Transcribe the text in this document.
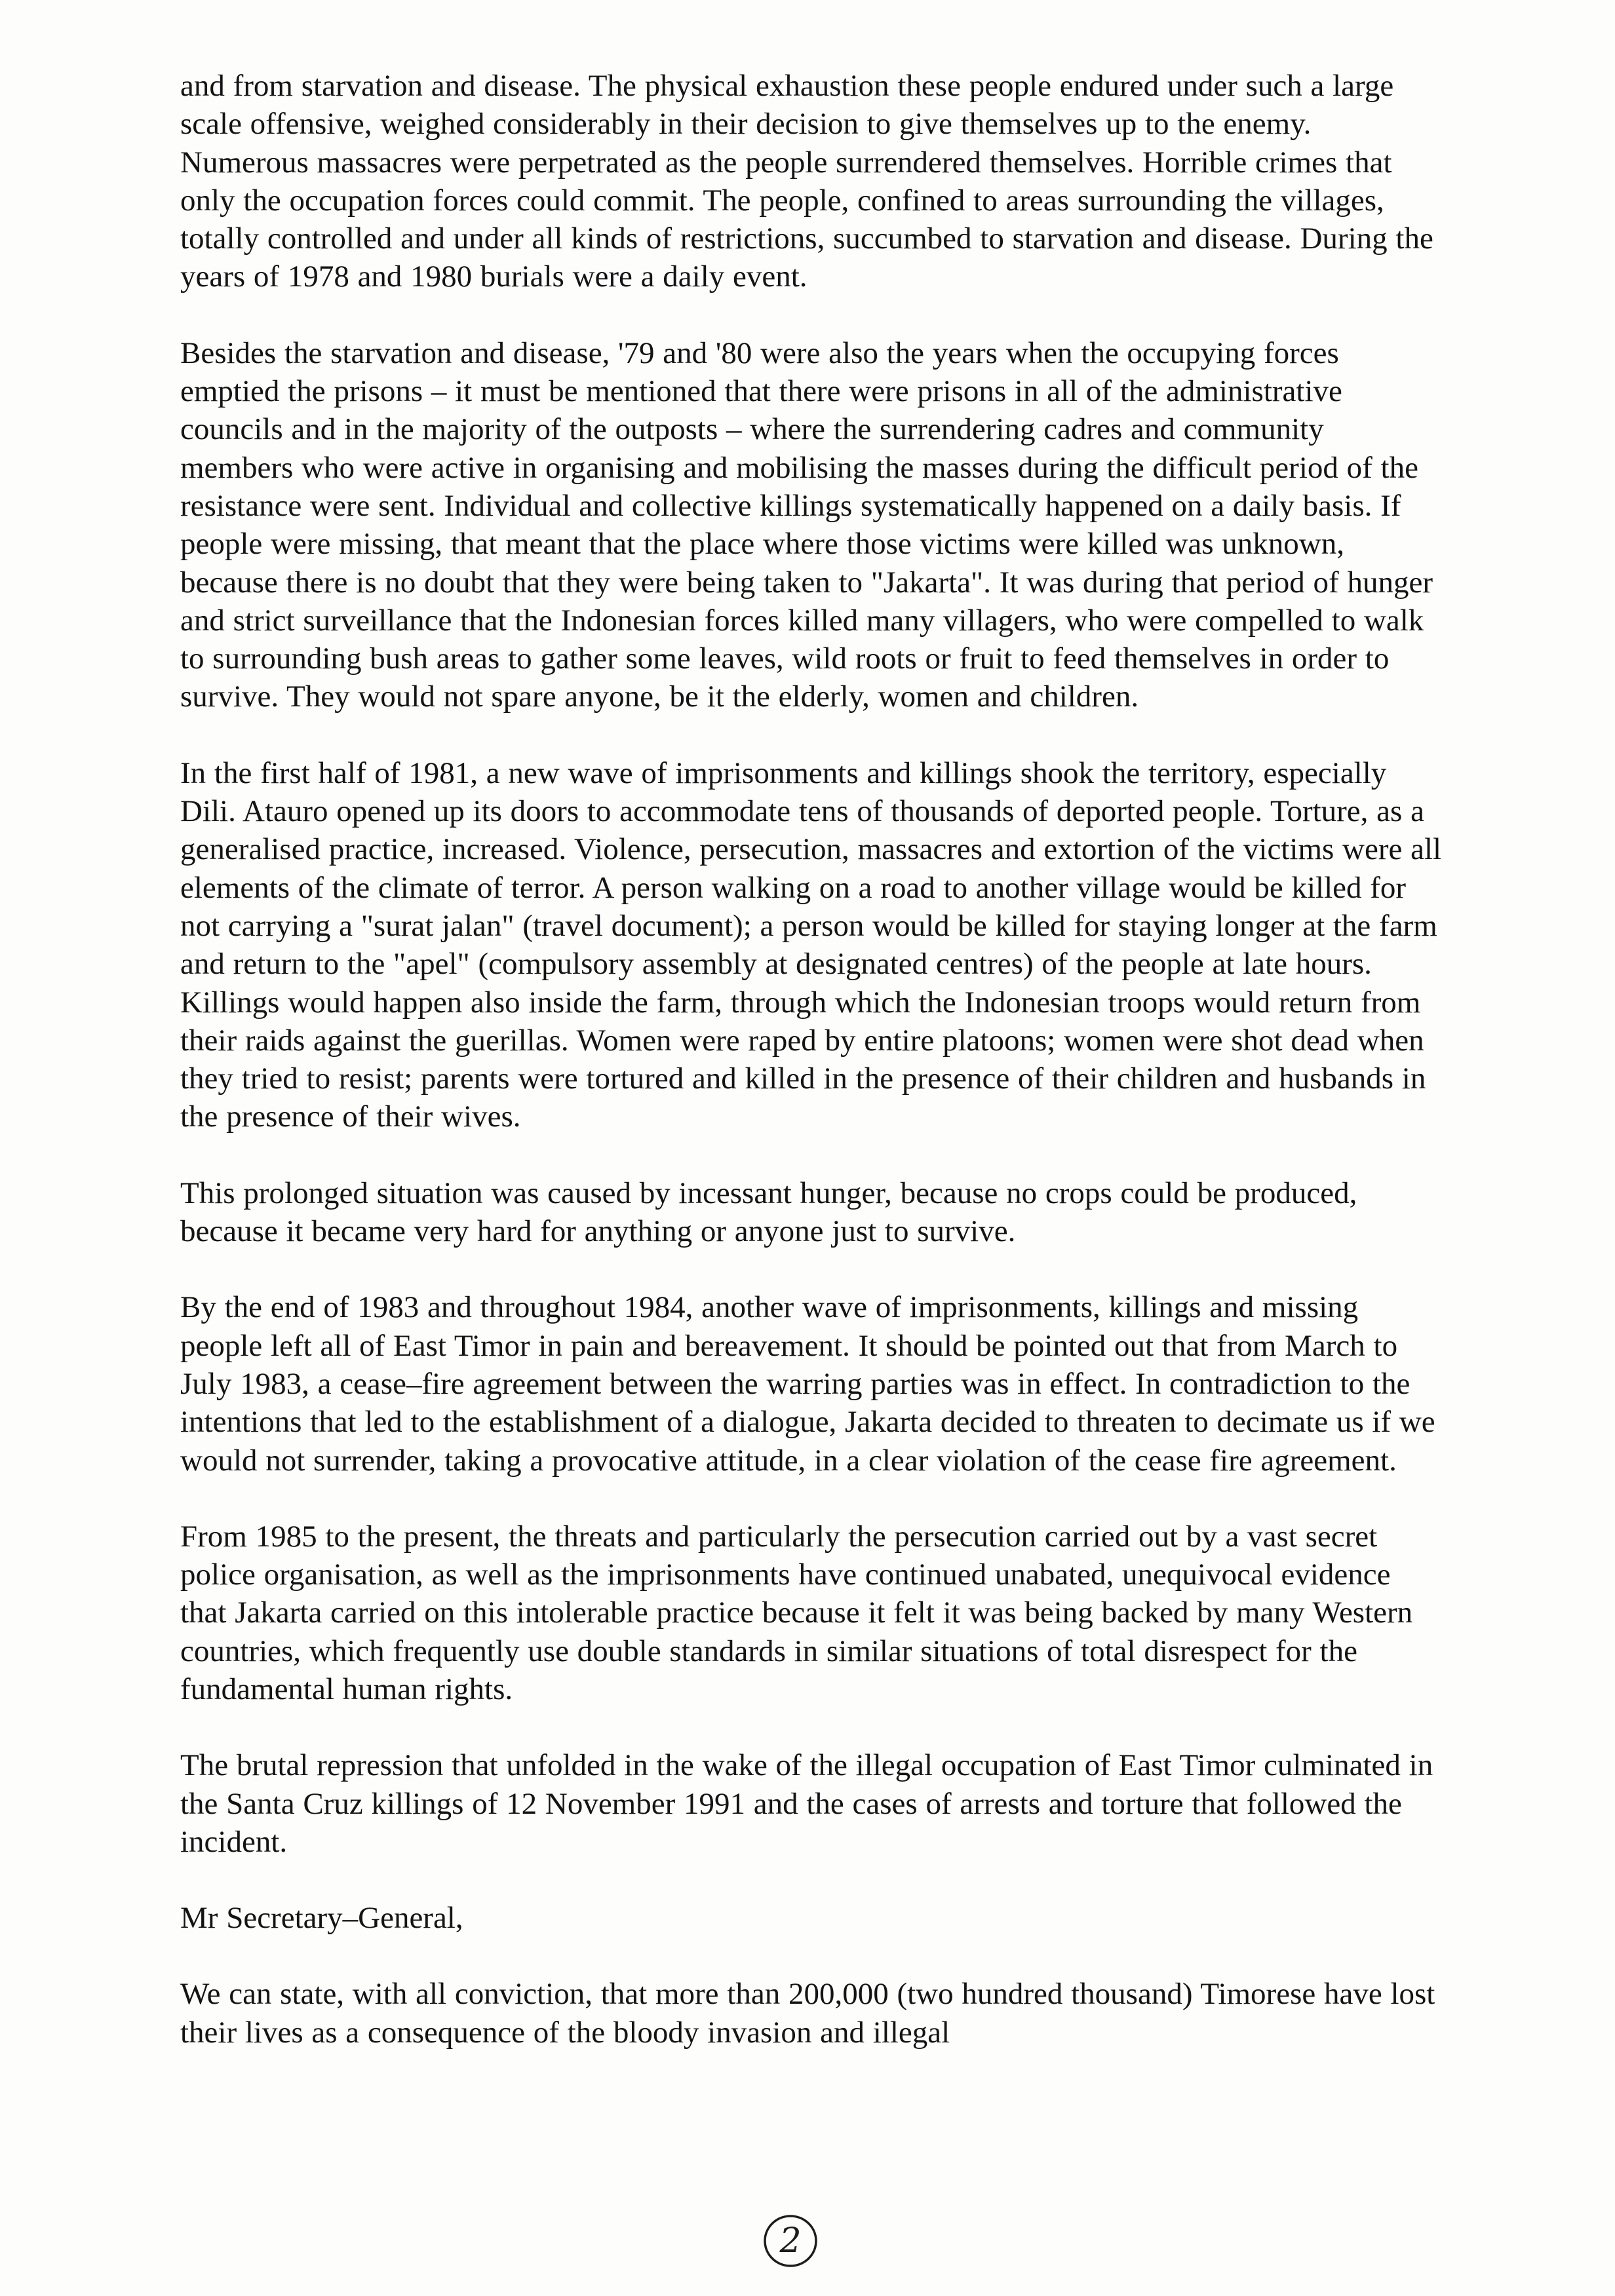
and from starvation and disease. The physical exhaustion these people endured under such a large scale offensive, weighed considerably in their decision to give themselves up to the enemy. Numerous massacres were perpetrated as the people surrendered themselves. Horrible crimes that only the occupation forces could commit. The people, confined to areas surrounding the villages, totally controlled and under all kinds of restrictions, succumbed to starvation and disease. During the years of 1978 and 1980 burials were a daily event.

Besides the starvation and disease, '79 and '80 were also the years when the occupying forces emptied the prisons – it must be mentioned that there were prisons in all of the administrative councils and in the majority of the outposts – where the surrendering cadres and community members who were active in organising and mobilising the masses during the difficult period of the resistance were sent. Individual and collective killings systematically happened on a daily basis. If people were missing, that meant that the place where those victims were killed was unknown, because there is no doubt that they were being taken to "Jakarta". It was during that period of hunger and strict surveillance that the Indonesian forces killed many villagers, who were compelled to walk to surrounding bush areas to gather some leaves, wild roots or fruit to feed themselves in order to survive. They would not spare anyone, be it the elderly, women and children.

In the first half of 1981, a new wave of imprisonments and killings shook the territory, especially Dili. Atauro opened up its doors to accommodate tens of thousands of deported people. Torture, as a generalised practice, increased. Violence, persecution, massacres and extortion of the victims were all elements of the climate of terror. A person walking on a road to another village would be killed for not carrying a "surat jalan" (travel document); a person would be killed for staying longer at the farm and return to the "apel" (compulsory assembly at designated centres) of the people at late hours. Killings would happen also inside the farm, through which the Indonesian troops would return from their raids against the guerillas. Women were raped by entire platoons; women were shot dead when they tried to resist; parents were tortured and killed in the presence of their children and husbands in the presence of their wives.

This prolonged situation was caused by incessant hunger, because no crops could be produced, because it became very hard for anything or anyone just to survive.

By the end of 1983 and throughout 1984, another wave of imprisonments, killings and missing people left all of East Timor in pain and bereavement. It should be pointed out that from March to July 1983, a cease–fire agreement between the warring parties was in effect. In contradiction to the intentions that led to the establishment of a dialogue, Jakarta decided to threaten to decimate us if we would not surrender, taking a provocative attitude, in a clear violation of the cease fire agreement.

From 1985 to the present, the threats and particularly the persecution carried out by a vast secret police organisation, as well as the imprisonments have continued unabated, unequivocal evidence that Jakarta carried on this intolerable practice because it felt it was being backed by many Western countries, which frequently use double standards in similar situations of total disrespect for the fundamental human rights.

The brutal repression that unfolded in the wake of the illegal occupation of East Timor culminated in the Santa Cruz killings of 12 November 1991 and the cases of arrests and torture that followed the incident.

Mr Secretary–General,

We can state, with all conviction, that more than 200,000 (two hundred thousand) Timorese have lost their lives as a consequence of the bloody invasion and illegal

2
